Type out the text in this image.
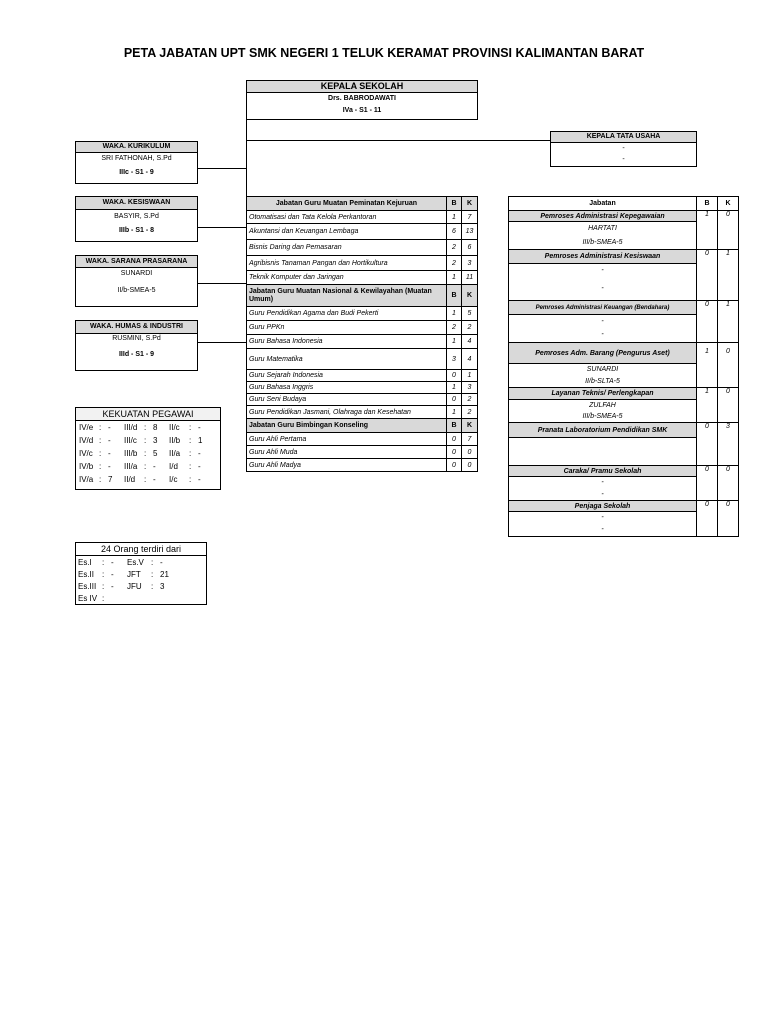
PETA JABATAN UPT SMK NEGERI 1 TELUK KERAMAT PROVINSI KALIMANTAN BARAT
KEPALA SEKOLAH
Drs. BABRODAWATI
IVa - S1 - 11
KEPALA TATA USAHA
-
-
WAKA. KURIKULUM
SRI FATHONAH, S.Pd
IIIc - S1 - 9
WAKA. KESISWAAN
BASYIR, S.Pd
IIIb - S1 - 8
WAKA. SARANA PRASARANA
SUNARDI
II/b-SMEA-5
WAKA. HUMAS & INDUSTRI
RUSMINI, S.Pd
IIId - S1 - 9
Jabatan Guru Muatan Peminatan Kejuruan	B	K
Otomatisasi dan Tata Kelola Perkantoran	1	7
Akuntansi dan Keuangan Lembaga	6	13
Bisnis Daring dan Pemasaran	2	6
Agribisnis Tanaman Pangan dan Hortikultura	2	3
Teknik Komputer dan Jaringan	1	11
Jabatan Guru Muatan Nasional & Kewilayahan (Muatan Umum)	B	K
Guru Pendidikan Agama dan Budi Pekerti	1	5
Guru PPKn	2	2
Guru Bahasa Indonesia	1	4
Guru Matematika	3	4
Guru Sejarah Indonesia	0	1
Guru Bahasa Inggris	1	3
Guru Seni Budaya	0	2
Guru Pendidikan Jasmani, Olahraga dan Kesehatan	1	2
Jabatan Guru Bimbingan Konseling	B	K
Guru Ahli Pertama	0	7
Guru Ahli Muda	0	0
Guru Ahli Madya	0	0
Jabatan	B	K
Pemroses Administrasi Kepegawaian	1	0
HARTATI		
III/b-SMEA-5		
Pemroses Administrasi Kesiswaan	0	1
-		
-		
Pemroses Administrasi Keuangan (Bendahara)	0	1
-		
-		
Pemroses Adm. Barang (Pengurus Aset)	1	0
SUNARDI		
II/b-SLTA-5		
Layanan Teknis/ Perlengkapan	1	0
ZULFAH		
III/b-SMEA-5		
Pranata Laboratorium Pendidikan SMK	0	3

Caraka/ Pramu Sekolah	0	0
-		
-		
Penjaga Sekolah	0	0
-		
-		
KEKUATAN PEGAWAI
IV/e	:	-	III/d	:	8	II/c	:	-
IV/d	:	-	III/c	:	3	II/b	:	1
IV/c	:	-	III/b	:	5	II/a	:	-
IV/b	:	-	III/a	:	-	I/d	:	-
IV/a	:	7	II/d	:	-	I/c	:	-
24 Orang terdiri dari
Es.I	:	-	Es.V	:	-
Es.II	:	-	JFT	:	21
Es.III	:	-	JFU	:	3
Es IV	:				
